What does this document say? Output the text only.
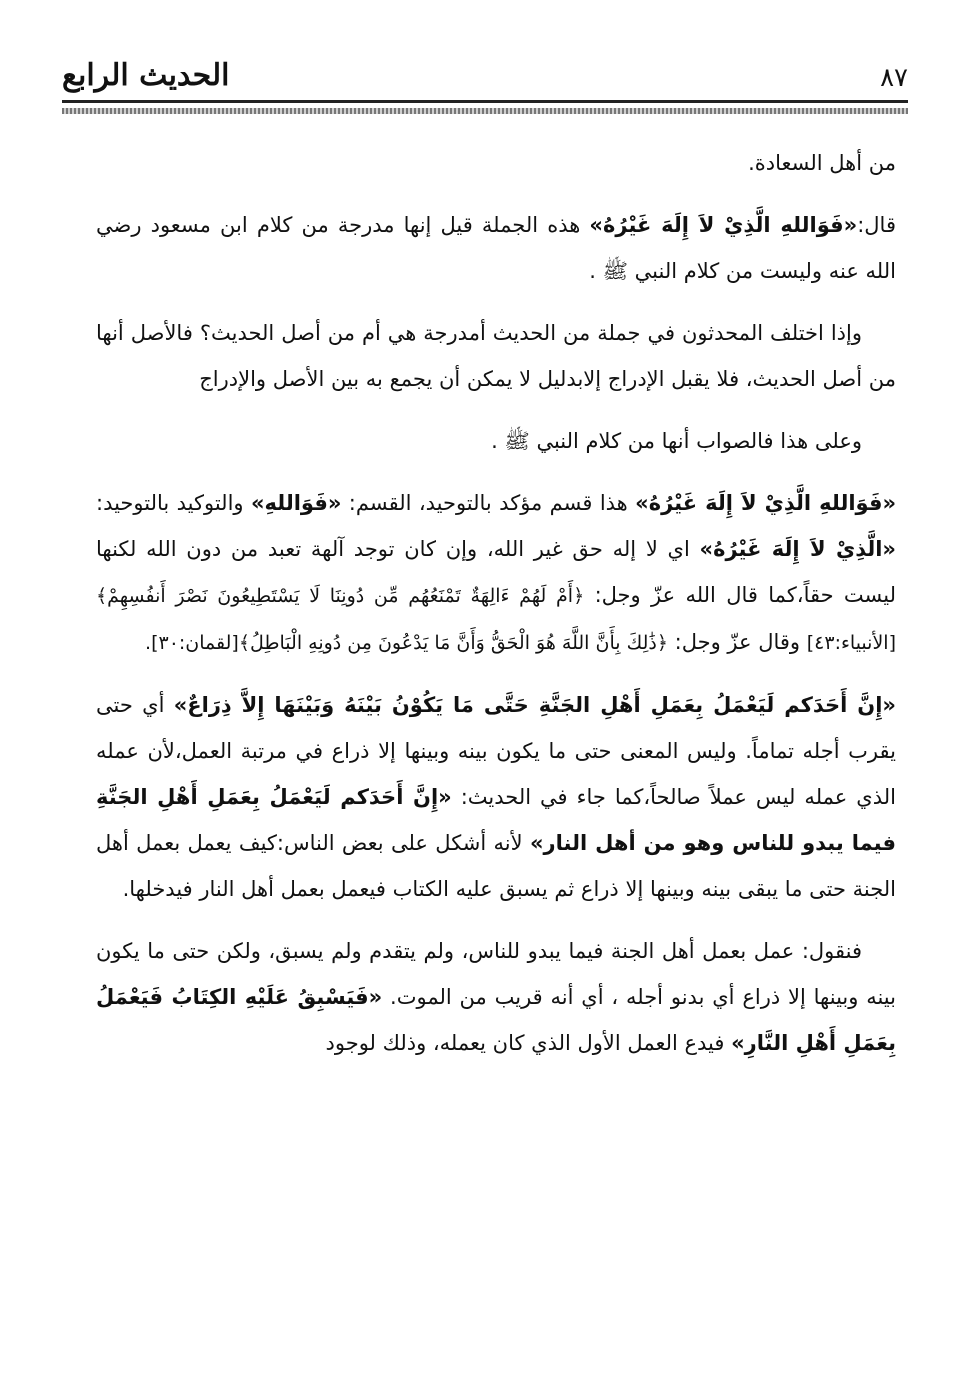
الحديث الرابع	٨٧

من أهل السعادة.

قال:«فَوَاللهِ الَّذِيْ لاَ إِلَهَ غَيْرُهُ» هذه الجملة قيل إنها مدرجة من كلام ابن مسعود رضي الله عنه وليست من كلام النبي ﷺ .

وإذا اختلف المحدثون في جملة من الحديث أمدرجة هي أم من أصل الحديث؟ فالأصل أنها من أصل الحديث، فلا يقبل الإدراج إلابدليل لا يمكن أن يجمع به بين الأصل والإدراج

وعلى هذا فالصواب أنها من كلام النبي ﷺ .

«فَوَاللهِ الَّذِيْ لاَ إِلَهَ غَيْرُهُ» هذا قسم مؤكد بالتوحيد، القسم: «فَوَاللهِ» والتوكيد بالتوحيد: «الَّذِيْ لاَ إِلَهَ غَيْرُهُ» اي لا إله حق غير الله، وإن كان توجد آلهة تعبد من دون الله لكنها ليست حقاً،كما قال الله عزّ وجل: ﴿أَمْ لَهُمْ ءَالِهَةٌ تَمْنَعُهُم مِّن دُونِنَا لَا يَسْتَطِيعُونَ نَصْرَ أَنفُسِهِمْ﴾[الأنبياء:٤٣] وقال عزّ وجل: ﴿ذَٰلِكَ بِأَنَّ اللَّهَ هُوَ الْحَقُّ وَأَنَّ مَا يَدْعُونَ مِن دُونِهِ الْبَاطِلُ﴾[لقمان:٣٠].

«إِنَّ أَحَدَكم لَيَعْمَلُ بِعَمَلِ أَهْلِ الجَنَّةِ حَتَّى مَا يَكُوْنُ بَيْنَهُ وَبَيْنَهَا إِلاَّ ذِرَاعٌ» أي حتى يقرب أجله تماماً. وليس المعنى حتى ما يكون بينه وبينها إلا ذراع في مرتبة العمل،لأن عمله الذي عمله ليس عملاً صالحاً،كما جاء في الحديث: «إِنَّ أَحَدَكم لَيَعْمَلُ بِعَمَلِ أَهْلِ الجَنَّةِ فيما يبدو للناس وهو من أهل النار» لأنه أشكل على بعض الناس:كيف يعمل بعمل أهل الجنة حتى ما يبقى بينه وبينها إلا ذراع ثم يسبق عليه الكتاب فيعمل بعمل أهل النار فيدخلها.

فنقول: عمل بعمل أهل الجنة فيما يبدو للناس، ولم يتقدم ولم يسبق، ولكن حتى ما يكون بينه وبينها إلا ذراع أي بدنو أجله ، أي أنه قريب من الموت. «فَيَسْبِقُ عَلَيْهِ الكِتَابُ فَيَعْمَلُ بِعَمَلِ أَهْلِ النَّارِ» فيدع العمل الأول الذي كان يعمله، وذلك لوجود
